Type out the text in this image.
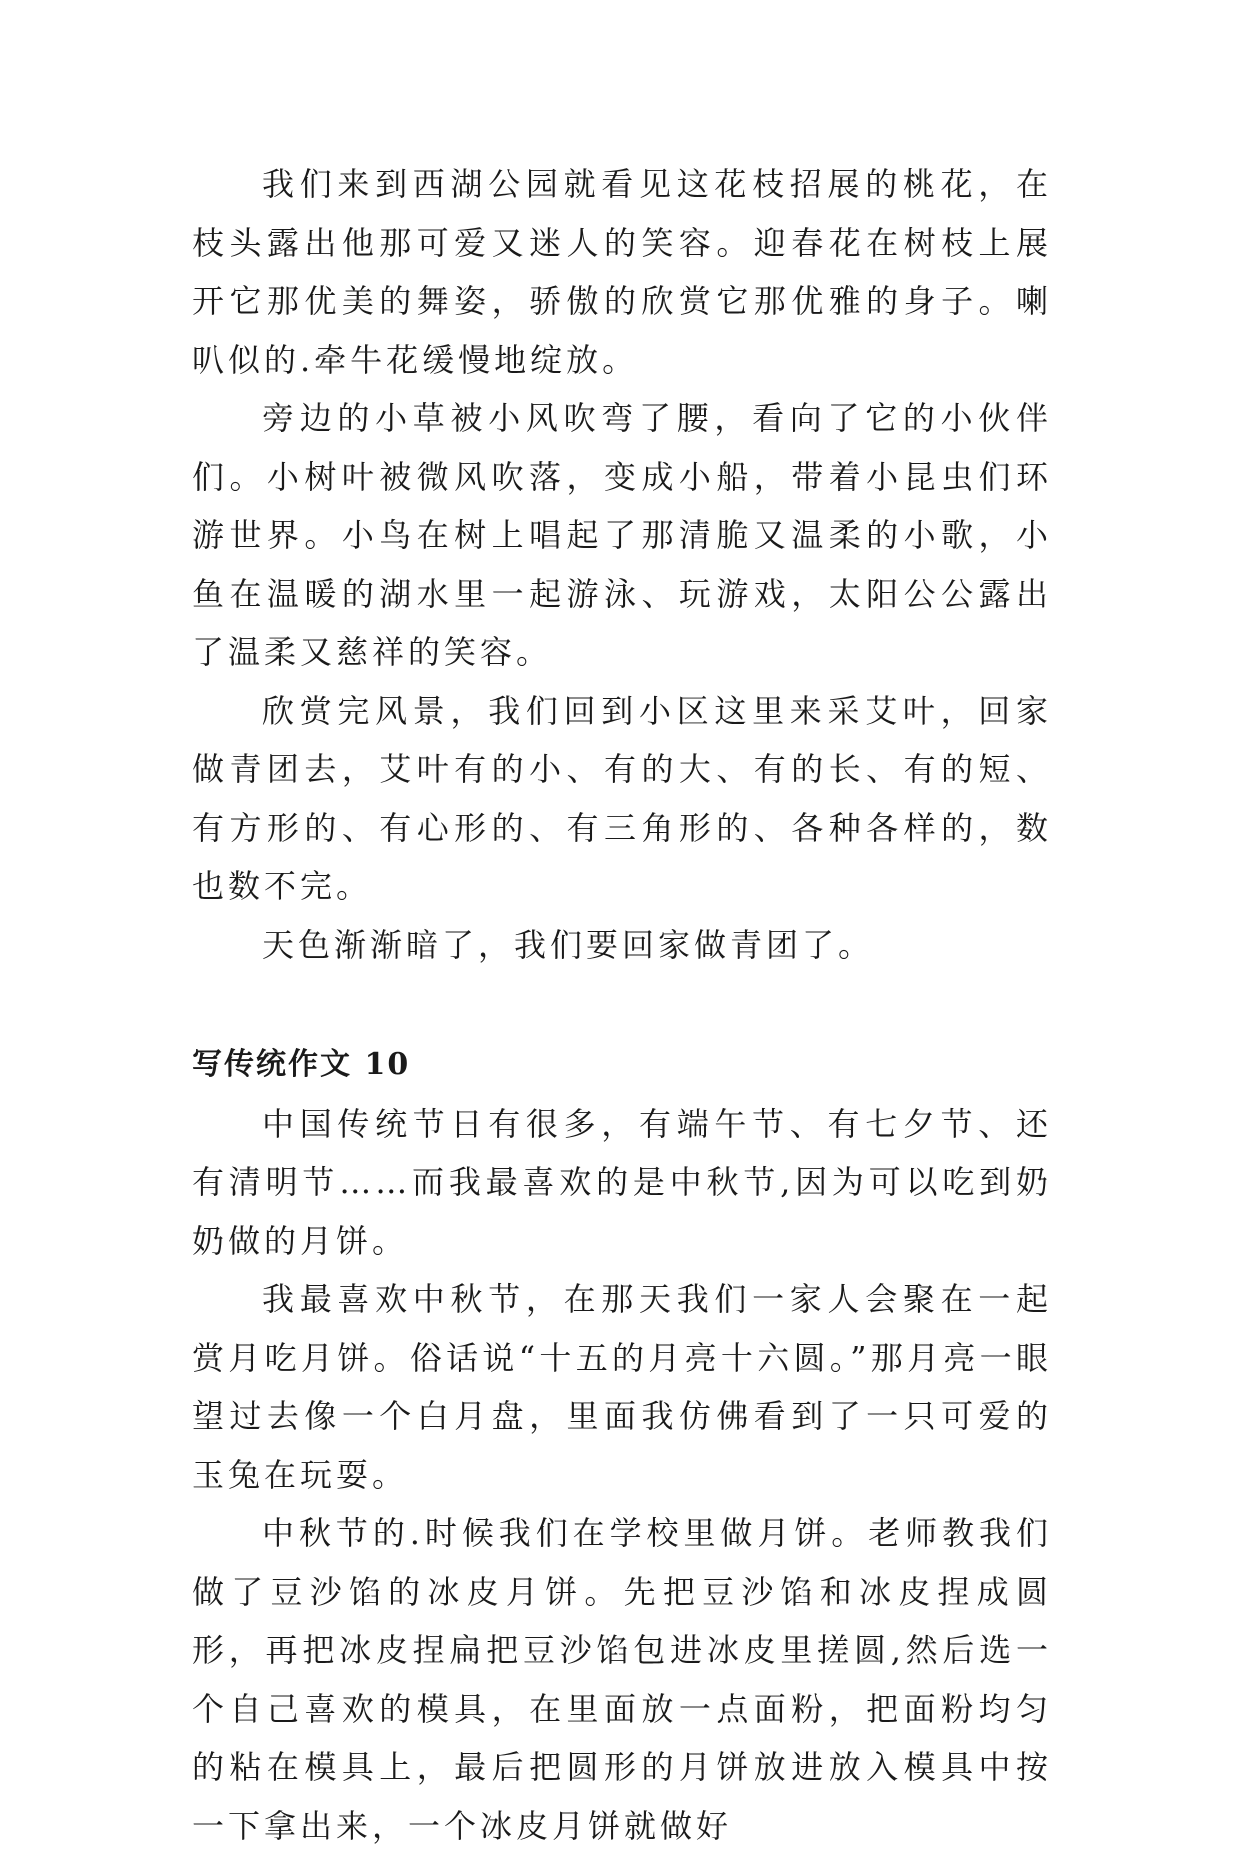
我们来到西湖公园就看见这花枝招展的桃花，在枝头露出他那可爱又迷人的笑容。迎春花在树枝上展开它那优美的舞姿，骄傲的欣赏它那优雅的身子。喇叭似的.牵牛花缓慢地绽放。

旁边的小草被小风吹弯了腰，看向了它的小伙伴们。小树叶被微风吹落，变成小船，带着小昆虫们环游世界。小鸟在树上唱起了那清脆又温柔的小歌，小鱼在温暖的湖水里一起游泳、玩游戏，太阳公公露出了温柔又慈祥的笑容。

欣赏完风景，我们回到小区这里来采艾叶，回家做青团去，艾叶有的小、有的大、有的长、有的短、有方形的、有心形的、有三角形的、各种各样的，数也数不完。

天色渐渐暗了，我们要回家做青团了。

写传统作文 10

中国传统节日有很多，有端午节、有七夕节、还有清明节……而我最喜欢的是中秋节,因为可以吃到奶奶做的月饼。

我最喜欢中秋节，在那天我们一家人会聚在一起赏月吃月饼。俗话说“十五的月亮十六圆。”那月亮一眼望过去像一个白月盘，里面我仿佛看到了一只可爱的玉兔在玩耍。

中秋节的.时候我们在学校里做月饼。老师教我们做了豆沙馅的冰皮月饼。先把豆沙馅和冰皮捏成圆形，再把冰皮捏扁把豆沙馅包进冰皮里搓圆,然后选一个自己喜欢的模具，在里面放一点面粉，把面粉均匀的粘在模具上，最后把圆形的月饼放进放入模具中按一下拿出来，一个冰皮月饼就做好
